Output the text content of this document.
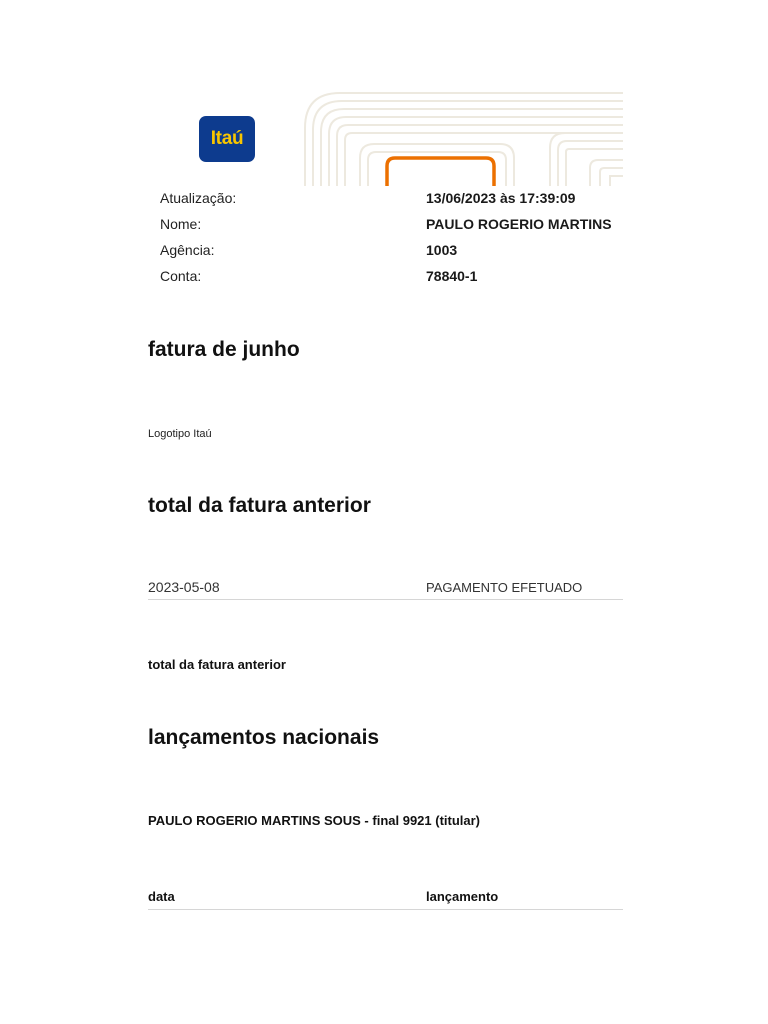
Itaú
Atualização:	13/06/2023 às 17:39:09
Nome:	PAULO ROGERIO MARTINS
Agência:	1003
Conta:	78840-1
fatura de junho
Logotipo Itaú
total da fatura anterior
2023-05-08	PAGAMENTO EFETUADO
total da fatura anterior
lançamentos nacionais
PAULO ROGERIO MARTINS SOUS - final 9921 (titular)
data	lançamento
